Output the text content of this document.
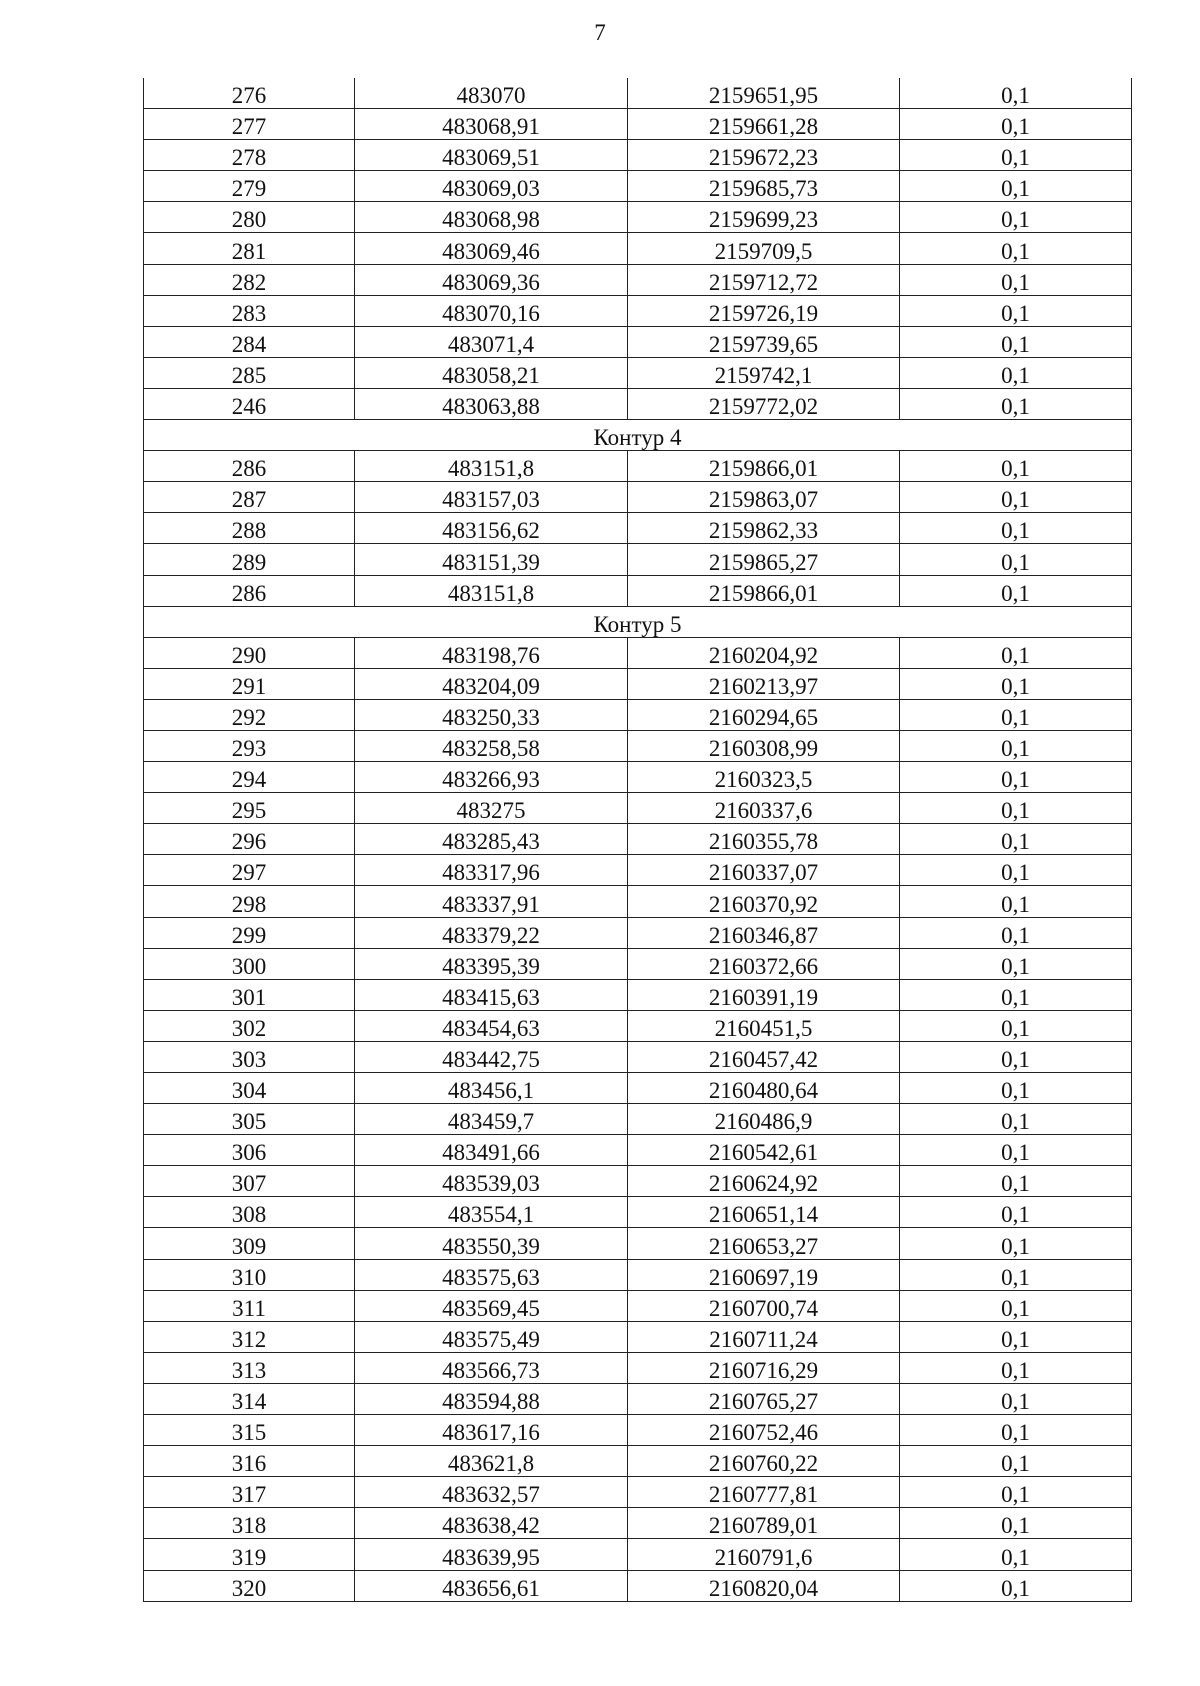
7
276	483070	2159651,95	0,1
277	483068,91	2159661,28	0,1
278	483069,51	2159672,23	0,1
279	483069,03	2159685,73	0,1
280	483068,98	2159699,23	0,1
281	483069,46	2159709,5	0,1
282	483069,36	2159712,72	0,1
283	483070,16	2159726,19	0,1
284	483071,4	2159739,65	0,1
285	483058,21	2159742,1	0,1
246	483063,88	2159772,02	0,1
Контур 4			
286	483151,8	2159866,01	0,1
287	483157,03	2159863,07	0,1
288	483156,62	2159862,33	0,1
289	483151,39	2159865,27	0,1
286	483151,8	2159866,01	0,1
Контур 5			
290	483198,76	2160204,92	0,1
291	483204,09	2160213,97	0,1
292	483250,33	2160294,65	0,1
293	483258,58	2160308,99	0,1
294	483266,93	2160323,5	0,1
295	483275	2160337,6	0,1
296	483285,43	2160355,78	0,1
297	483317,96	2160337,07	0,1
298	483337,91	2160370,92	0,1
299	483379,22	2160346,87	0,1
300	483395,39	2160372,66	0,1
301	483415,63	2160391,19	0,1
302	483454,63	2160451,5	0,1
303	483442,75	2160457,42	0,1
304	483456,1	2160480,64	0,1
305	483459,7	2160486,9	0,1
306	483491,66	2160542,61	0,1
307	483539,03	2160624,92	0,1
308	483554,1	2160651,14	0,1
309	483550,39	2160653,27	0,1
310	483575,63	2160697,19	0,1
311	483569,45	2160700,74	0,1
312	483575,49	2160711,24	0,1
313	483566,73	2160716,29	0,1
314	483594,88	2160765,27	0,1
315	483617,16	2160752,46	0,1
316	483621,8	2160760,22	0,1
317	483632,57	2160777,81	0,1
318	483638,42	2160789,01	0,1
319	483639,95	2160791,6	0,1
320	483656,61	2160820,04	0,1
